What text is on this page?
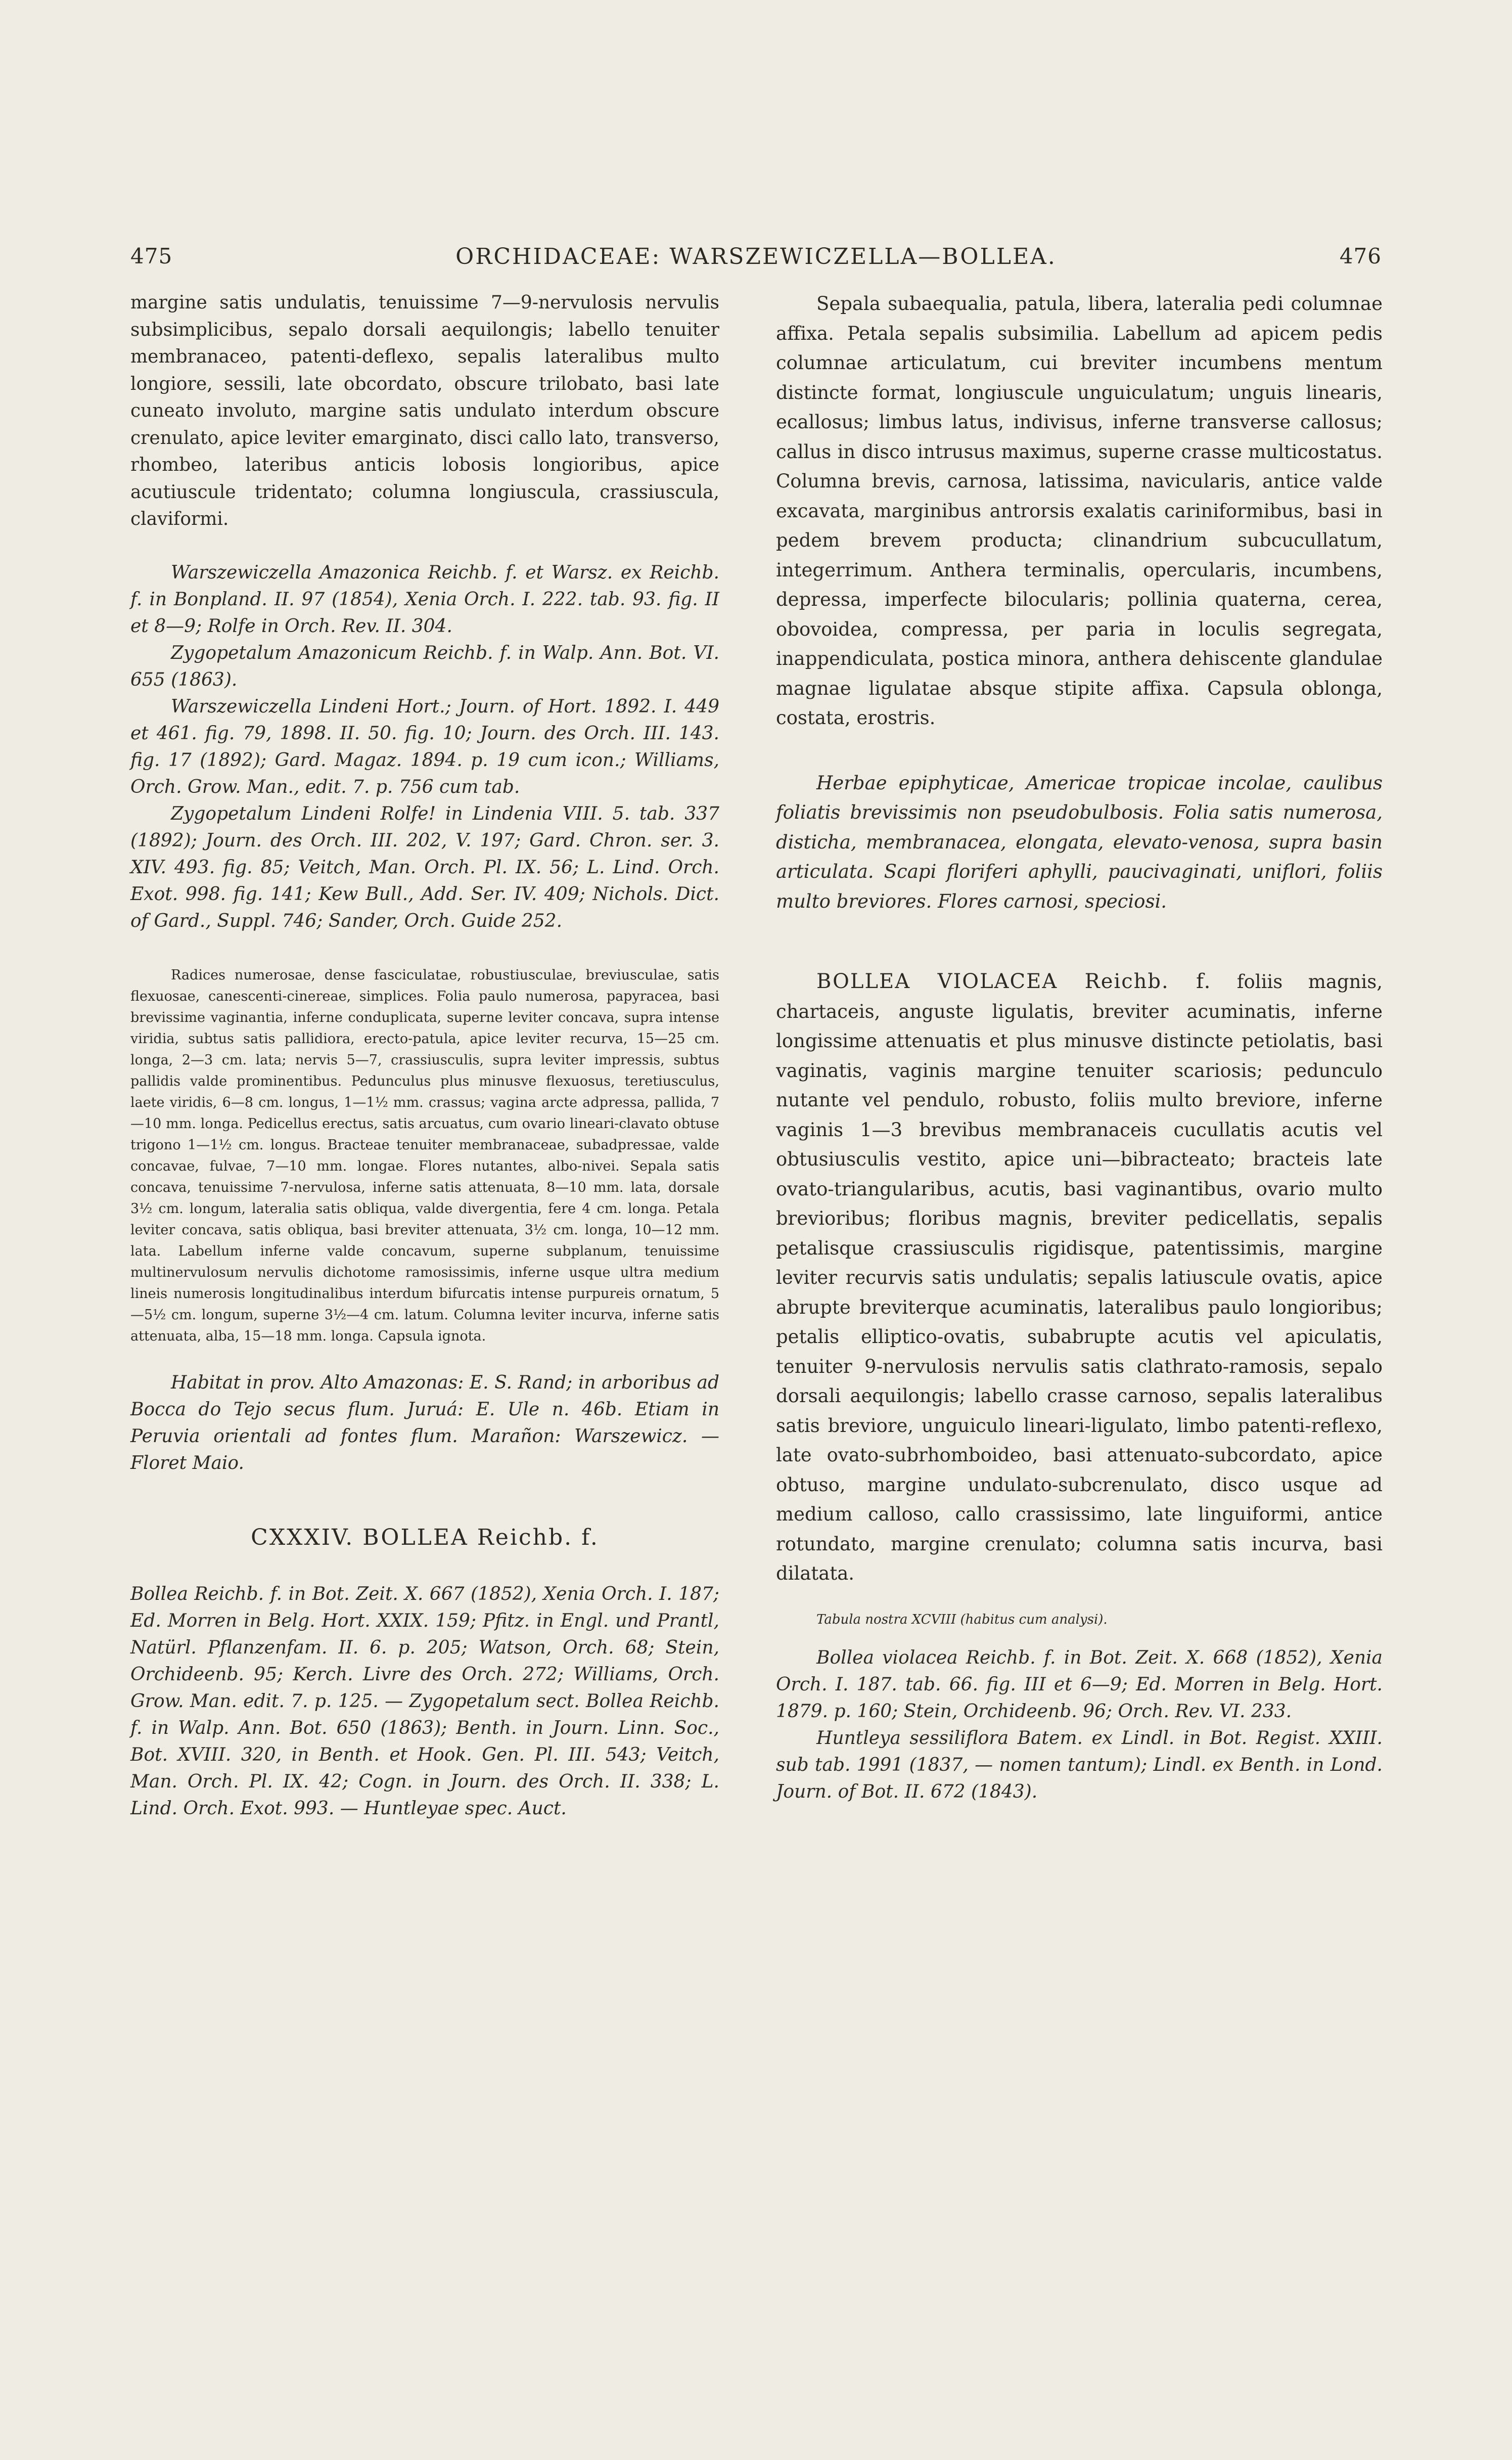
475	ORCHIDACEAE: WARSZEWICZELLA—BOLLEA.	476

margine satis undulatis, tenuissime 7—9-nervulosis nervulis subsimplicibus, sepalo dorsali aequilongis; labello tenuiter membranaceo, patenti-deflexo, sepalis lateralibus multo longiore, sessili, late obcordato, obscure trilobato, basi late cuneato involuto, margine satis undulato interdum obscure crenulato, apice leviter emarginato, disci callo lato, transverso, rhombeo, lateribus anticis lobosis longioribus, apice acutiuscule tridentato; columna longiuscula, crassiuscula, claviformi.

Warszewiczella Amazonica Reichb. f. et Warsz. ex Reichb. f. in Bonpland. II. 97 (1854), Xenia Orch. I. 222. tab. 93. fig. II et 8—9; Rolfe in Orch. Rev. II. 304.

Zygopetalum Amazonicum Reichb. f. in Walp. Ann. Bot. VI. 655 (1863).

Warszewiczella Lindeni Hort.; Journ. of Hort. 1892. I. 449 et 461. fig. 79, 1898. II. 50. fig. 10; Journ. des Orch. III. 143. fig. 17 (1892); Gard. Magaz. 1894. p. 19 cum icon.; Williams, Orch. Grow. Man., edit. 7. p. 756 cum tab.

Zygopetalum Lindeni Rolfe! in Lindenia VIII. 5. tab. 337 (1892); Journ. des Orch. III. 202, V. 197; Gard. Chron. ser. 3. XIV. 493. fig. 85; Veitch, Man. Orch. Pl. IX. 56; L. Lind. Orch. Exot. 998. fig. 141; Kew Bull., Add. Ser. IV. 409; Nichols. Dict. of Gard., Suppl. 746; Sander, Orch. Guide 252.

Radices numerosae, dense fasciculatae, robustiusculae, breviusculae, satis flexuosae, canescenti-cinereae, simplices. Folia paulo numerosa, papyracea, basi brevissime vaginantia, inferne conduplicata, superne leviter concava, supra intense viridia, subtus satis pallidiora, erecto-patula, apice leviter recurva, 15—25 cm. longa, 2—3 cm. lata; nervis 5—7, crassiusculis, supra leviter impressis, subtus pallidis valde prominentibus. Pedunculus plus minusve flexuosus, teretiusculus, laete viridis, 6—8 cm. longus, 1—1½ mm. crassus; vagina arcte adpressa, pallida, 7—10 mm. longa. Pedicellus erectus, satis arcuatus, cum ovario lineari-clavato obtuse trigono 1—1½ cm. longus. Bracteae tenuiter membranaceae, subadpressae, valde concavae, fulvae, 7—10 mm. longae. Flores nutantes, albo-nivei. Sepala satis concava, tenuissime 7-nervulosa, inferne satis attenuata, 8—10 mm. lata, dorsale 3½ cm. longum, lateralia satis obliqua, valde divergentia, fere 4 cm. longa. Petala leviter concava, satis obliqua, basi breviter attenuata, 3½ cm. longa, 10—12 mm. lata. Labellum inferne valde concavum, superne subplanum, tenuissime multinervulosum nervulis dichotome ramosissimis, inferne usque ultra medium lineis numerosis longitudinalibus interdum bifurcatis intense purpureis ornatum, 5—5½ cm. longum, superne 3½—4 cm. latum. Columna leviter incurva, inferne satis attenuata, alba, 15—18 mm. longa. Capsula ignota.

Habitat in prov. Alto Amazonas: E. S. Rand; in arboribus ad Bocca do Tejo secus flum. Juruá: E. Ule n. 46b. Etiam in Peruvia orientali ad fontes flum. Marañon: Warszewicz. — Floret Maio.

CXXXIV. BOLLEA Reichb. f.

Bollea Reichb. f. in Bot. Zeit. X. 667 (1852), Xenia Orch. I. 187; Ed. Morren in Belg. Hort. XXIX. 159; Pfitz. in Engl. und Prantl, Natürl. Pflanzenfam. II. 6. p. 205; Watson, Orch. 68; Stein, Orchideenb. 95; Kerch. Livre des Orch. 272; Williams, Orch. Grow. Man. edit. 7. p. 125. — Zygopetalum sect. Bollea Reichb. f. in Walp. Ann. Bot. 650 (1863); Benth. in Journ. Linn. Soc., Bot. XVIII. 320, in Benth. et Hook. Gen. Pl. III. 543; Veitch, Man. Orch. Pl. IX. 42; Cogn. in Journ. des Orch. II. 338; L. Lind. Orch. Exot. 993. — Huntleyae spec. Auct.

Sepala subaequalia, patula, libera, lateralia pedi columnae affixa. Petala sepalis subsimilia. Labellum ad apicem pedis columnae articulatum, cui breviter incumbens mentum distincte format, longiuscule unguiculatum; unguis linearis, ecallosus; limbus latus, indivisus, inferne transverse callosus; callus in disco intrusus maximus, superne crasse multicostatus. Columna brevis, carnosa, latissima, navicularis, antice valde excavata, marginibus antrorsis exalatis cariniformibus, basi in pedem brevem producta; clinandrium subcucullatum, integerrimum. Anthera terminalis, opercularis, incumbens, depressa, imperfecte bilocularis; pollinia quaterna, cerea, obovoidea, compressa, per paria in loculis segregata, inappendiculata, postica minora, anthera dehiscente glandulae magnae ligulatae absque stipite affixa. Capsula oblonga, costata, erostris.

Herbae epiphyticae, Americae tropicae incolae, caulibus foliatis brevissimis non pseudobulbosis. Folia satis numerosa, disticha, membranacea, elongata, elevato-venosa, supra basin articulata. Scapi floriferi aphylli, paucivaginati, uniflori, foliis multo breviores. Flores carnosi, speciosi.

BOLLEA VIOLACEA Reichb. f. foliis magnis, chartaceis, anguste ligulatis, breviter acuminatis, inferne longissime attenuatis et plus minusve distincte petiolatis, basi vaginatis, vaginis margine tenuiter scariosis; pedunculo nutante vel pendulo, robusto, foliis multo breviore, inferne vaginis 1—3 brevibus membranaceis cucullatis acutis vel obtusiusculis vestito, apice uni—bibracteato; bracteis late ovato-triangularibus, acutis, basi vaginantibus, ovario multo brevioribus; floribus magnis, breviter pedicellatis, sepalis petalisque crassiusculis rigidisque, patentissimis, margine leviter recurvis satis undulatis; sepalis latiuscule ovatis, apice abrupte breviterque acuminatis, lateralibus paulo longioribus; petalis elliptico-ovatis, subabrupte acutis vel apiculatis, tenuiter 9-nervulosis nervulis satis clathrato-ramosis, sepalo dorsali aequilongis; labello crasse carnoso, sepalis lateralibus satis breviore, unguiculo lineari-ligulato, limbo patenti-reflexo, late ovato-subrhomboideo, basi attenuato-subcordato, apice obtuso, margine undulato-subcrenulato, disco usque ad medium calloso, callo crassissimo, late linguiformi, antice rotundato, margine crenulato; columna satis incurva, basi dilatata.

Tabula nostra XCVIII (habitus cum analysi).

Bollea violacea Reichb. f. in Bot. Zeit. X. 668 (1852), Xenia Orch. I. 187. tab. 66. fig. III et 6—9; Ed. Morren in Belg. Hort. 1879. p. 160; Stein, Orchideenb. 96; Orch. Rev. VI. 233.

Huntleya sessiliflora Batem. ex Lindl. in Bot. Regist. XXIII. sub tab. 1991 (1837, — nomen tantum); Lindl. ex Benth. in Lond. Journ. of Bot. II. 672 (1843).
